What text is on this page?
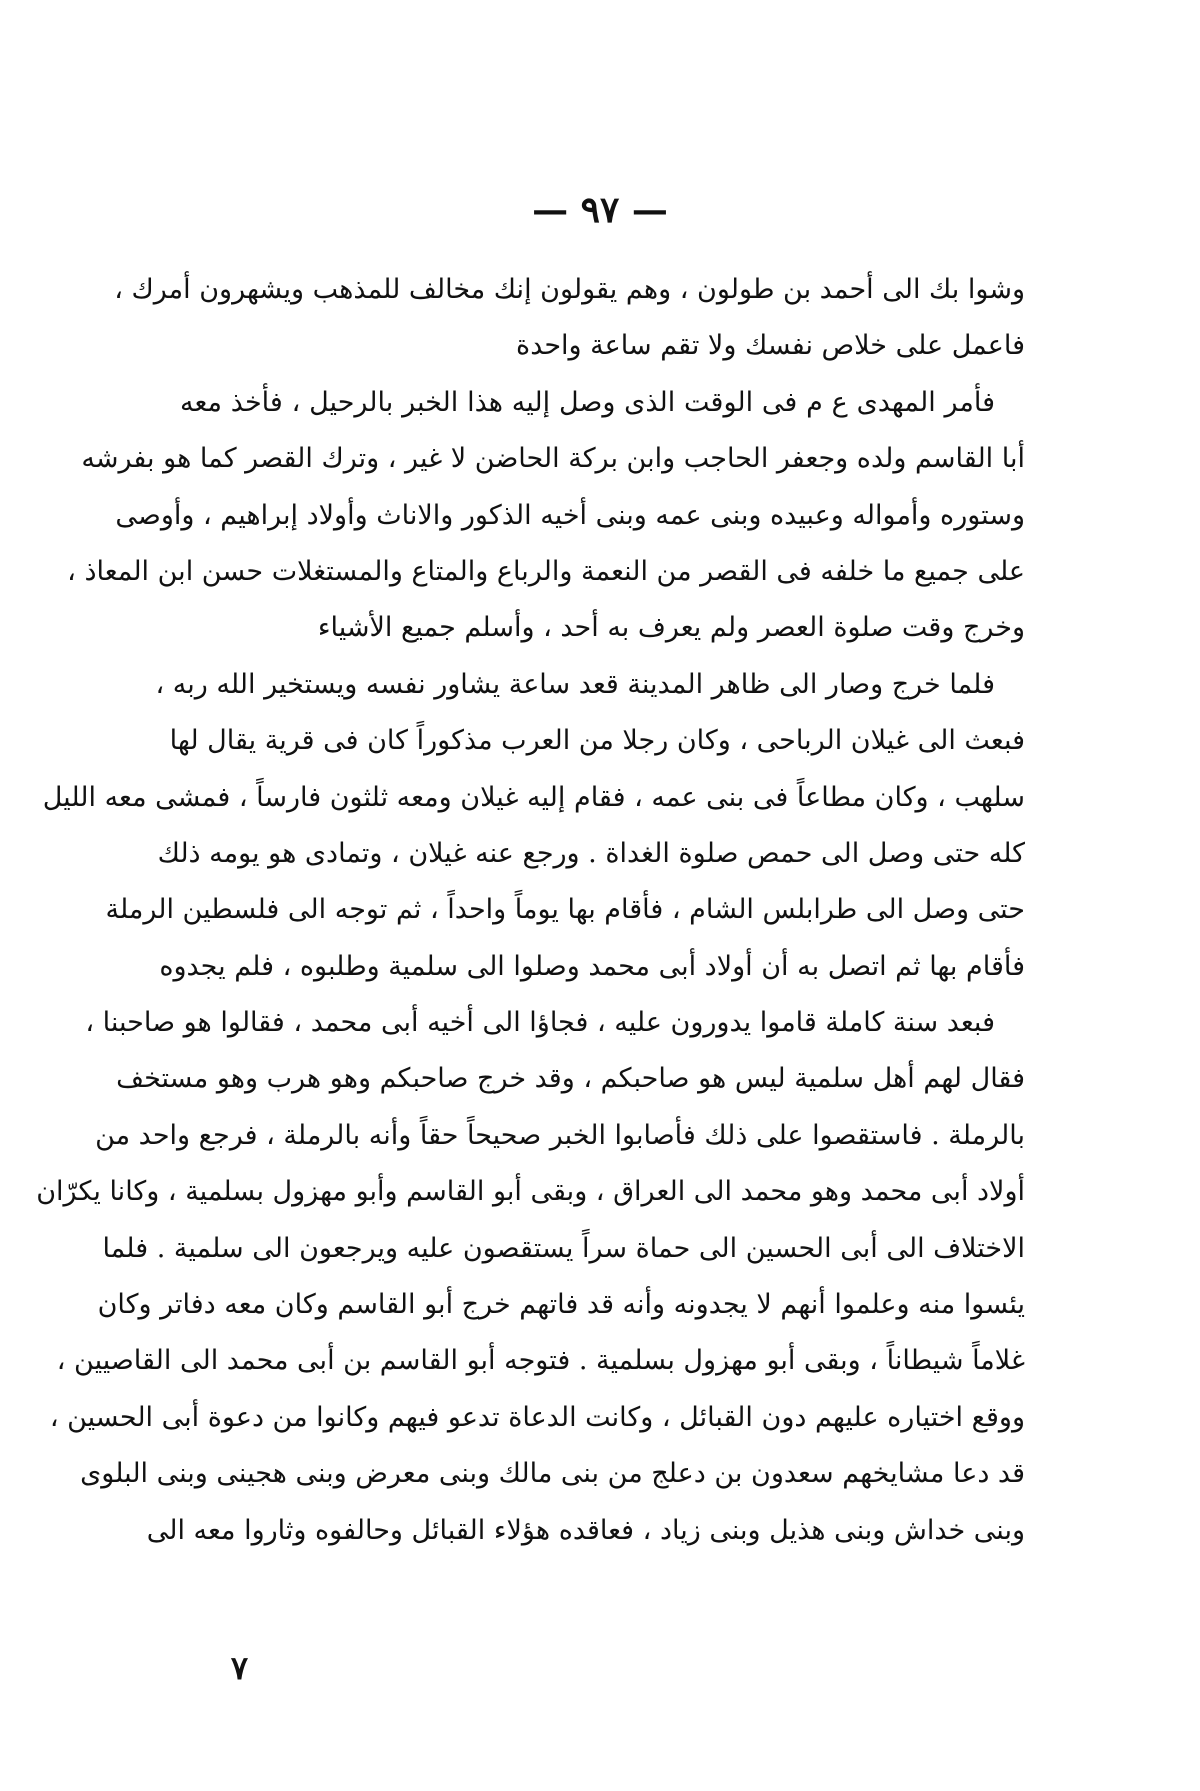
— ٩٧ —
وشوا بك الى أحمد بن طولون ، وهم يقولون إنك مخالف للمذهب ويشهرون أمرك ،
فاعمل على خلاص نفسك ولا تقم ساعة واحدة
فأمر المهدى ع م فى الوقت الذى وصل إليه هذا الخبر بالرحيل ، فأخذ معه
أبا القاسم ولده وجعفر الحاجب وابن بركة الحاضن لا غير ، وترك القصر كما هو بفرشه
وستوره وأمواله وعبيده وبنى عمه وبنى أخيه الذكور والاناث وأولاد إبراهيم ، وأوصى
على جميع ما خلفه فى القصر من النعمة والرباع والمتاع والمستغلات حسن ابن المعاذ ،
وخرج وقت صلوة العصر ولم يعرف به أحد ، وأسلم جميع الأشياء
فلما خرج وصار الى ظاهر المدينة قعد ساعة يشاور نفسه ويستخير الله ربه ،
فبعث الى غيلان الرباحى ، وكان رجلا من العرب مذكوراً كان فى قرية يقال لها
سلهب ، وكان مطاعاً فى بنى عمه ، فقام إليه غيلان ومعه ثلثون فارساً ، فمشى معه الليل
كله حتى وصل الى حمص صلوة الغداة . ورجع عنه غيلان ، وتمادى هو يومه ذلك
حتى وصل الى طرابلس الشام ، فأقام بها يوماً واحداً ، ثم توجه الى فلسطين الرملة
فأقام بها ثم اتصل به أن أولاد أبى محمد وصلوا الى سلمية وطلبوه ، فلم يجدوه
فبعد سنة كاملة قاموا يدورون عليه ، فجاؤا الى أخيه أبى محمد ، فقالوا هو صاحبنا ،
فقال لهم أهل سلمية ليس هو صاحبكم ، وقد خرج صاحبكم وهو هرب وهو مستخف
بالرملة . فاستقصوا على ذلك فأصابوا الخبر صحيحاً حقاً وأنه بالرملة ، فرجع واحد من
أولاد أبى محمد وهو محمد الى العراق ، وبقى أبو القاسم وأبو مهزول بسلمية ، وكانا يكرّان
الاختلاف الى أبى الحسين الى حماة سراً يستقصون عليه ويرجعون الى سلمية . فلما
يئسوا منه وعلموا أنهم لا يجدونه وأنه قد فاتهم خرج أبو القاسم وكان معه دفاتر وكان
غلاماً شيطاناً ، وبقى أبو مهزول بسلمية . فتوجه أبو القاسم بن أبى محمد الى القاصيين ،
ووقع اختياره عليهم دون القبائل ، وكانت الدعاة تدعو فيهم وكانوا من دعوة أبى الحسين ،
قد دعا مشايخهم سعدون بن دعلج من بنى مالك وبنى معرض وبنى هجينى وبنى البلوى
وبنى خداش وبنى هذيل وبنى زياد ، فعاقده هؤلاء القبائل وحالفوه وثاروا معه الى
٧
